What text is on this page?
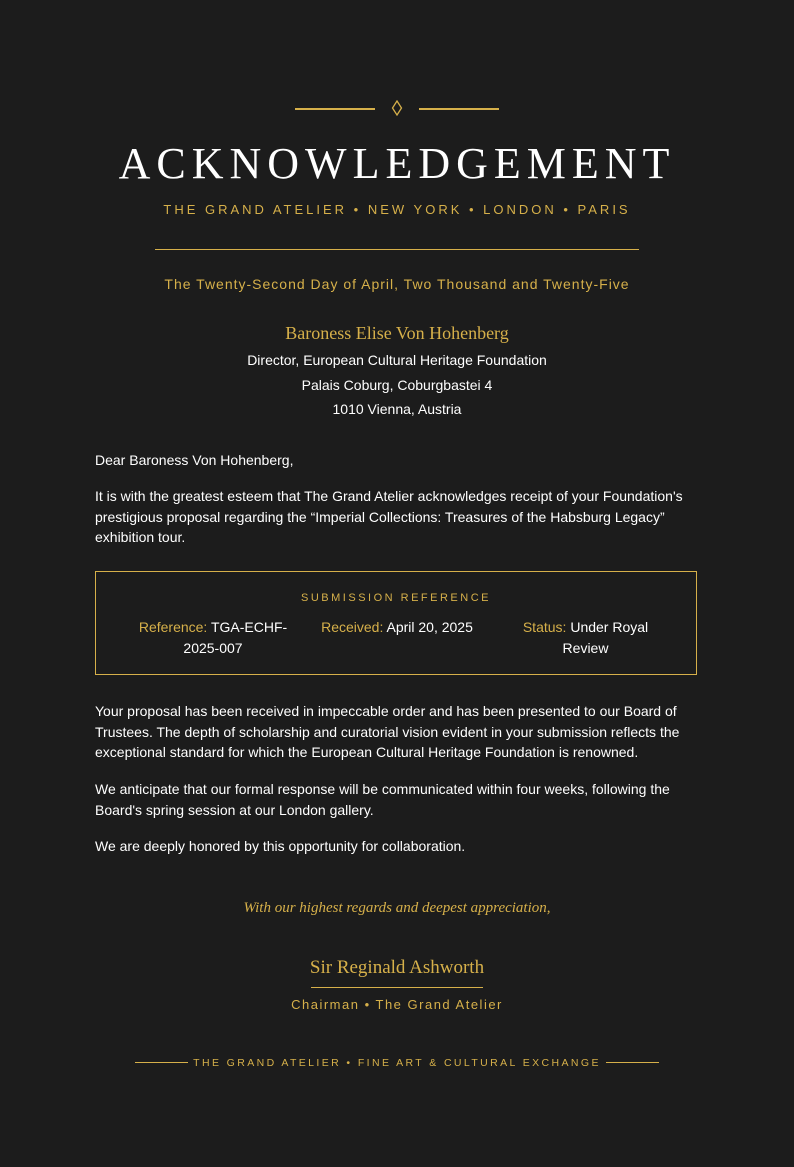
ACKNOWLEDGEMENT
THE GRAND ATELIER • NEW YORK • LONDON • PARIS
The Twenty-Second Day of April, Two Thousand and Twenty-Five
Baroness Elise Von Hohenberg
Director, European Cultural Heritage Foundation
Palais Coburg, Coburgbastei 4
1010 Vienna, Austria
Dear Baroness Von Hohenberg,
It is with the greatest esteem that The Grand Atelier acknowledges receipt of your Foundation's prestigious proposal regarding the “Imperial Collections: Treasures of the Habsburg Legacy” exhibition tour.
SUBMISSION REFERENCE
Reference: TGA-ECHF-2025-007
Received: April 20, 2025	Status: Under Royal Review
Your proposal has been received in impeccable order and has been presented to our Board of Trustees. The depth of scholarship and curatorial vision evident in your submission reflects the exceptional standard for which the European Cultural Heritage Foundation is renowned.
We anticipate that our formal response will be communicated within four weeks, following the Board's spring session at our London gallery.
We are deeply honored by this opportunity for collaboration.
With our highest regards and deepest appreciation,
Sir Reginald Ashworth
Chairman • The Grand Atelier
THE GRAND ATELIER • FINE ART & CULTURAL EXCHANGE
